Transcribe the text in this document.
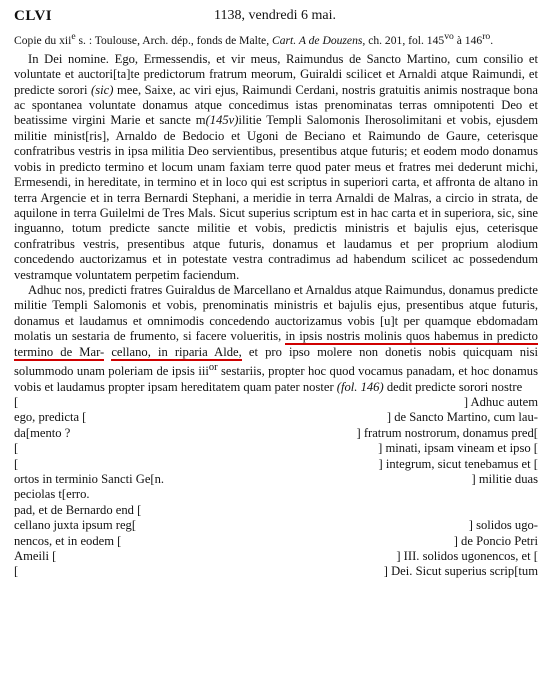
CLVI	1138, vendredi 6 mai.

Copie du xii$^e$ s. : Toulouse, Arch. dép., fonds de Malte, Cart. A de Douzens, ch. 201, fol. $145^{vo}$ à $146^{ro}$.

In Dei nomine. Ego, Ermessendis, et vir meus, Raimundus de Sancto Martino, cum consilio et voluntate et auctori[ta]te predictorum fratrum meorum, Guiraldi scilicet et Arnaldi atque Raimundi, et predicte sorori (sic) mee, Saixe, ac viri ejus, Raimundi Cerdani, nostris gratuitis animis nostraque bona ac spontanea voluntate donamus atque concedimus istas prenominatas terras omnipotenti Deo et beatissime virgini Marie et sancte m(145v)ilitie Templi Salomonis Iherosolimitani et vobis, ejusdem militie minist[ris], Arnaldo de Bedocio et Ugoni de Beciano et Raimundo de Gaure, ceterisque confratribus vestris in ipsa militia Deo servientibus, presentibus atque futuris; et eodem modo donamus vobis in predicto termino et locum unam faxiam terre quod pater meus et fratres mei dederunt michi, Ermesendi, in hereditate, in termino et in loco qui est scriptus in superiori carta, et affronta de altano in terra Argencie et in terra Bernardi Stephani, a meridie in terra Arnaldi de Malras, a circio in strata, de aquilone in terra Guilelmi de Tres Mals. Sicut superius scriptum est in hac carta et in superiora, sic, sine inguanno, totum predicte sancte militie et vobis, predictis ministris et bajulis ejus, ceterisque confratribus vestris, presentibus atque futuris, donamus et laudamus et per proprium alodium concedendo auctorizamus et in potestate vestra contradimus ad habendum scilicet ac possedendum vestramque voluntatem perpetim faciendum.

Adhuc nos, predicti fratres Guiraldus de Marcellano et Arnaldus atque Raimundus, donamus predicte militie Templi Salomonis et vobis, prenominatis ministris et bajulis ejus, presentibus atque futuris, donamus et laudamus et omnimodis concedendo auctorizamus vobis [u]t per quamque ebdomadam molatis un sestaria de frumento, si facere volueritis, in ipsis nostris molinis quos habemus in predicto termino de Mar- cellano, in riparia Alde, et pro ipso molere non donetis nobis quicquam nisi solummodo unam poleriam de ipsis iii$^{or}$ sestariis, propter hoc quod vocamus panadam, et hoc donamus vobis et laudamus propter ipsam hereditatem quam pater noster (fol. 146) dedit predicte sorori nostre

[	] Adhuc autem
ego, predicta [	] de Sancto Martino, cum lau-
da[mento ?	] fratrum nostrorum, donamus pred[
[	] minati, ipsam vineam et ipso [
[	] integrum, sicut tenebamus et [
ortos in terminio Sancti Ge[n.	] militie duas
peciolas t[erro.
pad, et de Bernardo end [
cellano juxta ipsum reg[	] solidos ugo-
nencos, et in eodem [	] de Poncio Petri
Ameili [	] III. solidos ugonencos, et [
[	] Dei. Sicut superius scrip[tum
